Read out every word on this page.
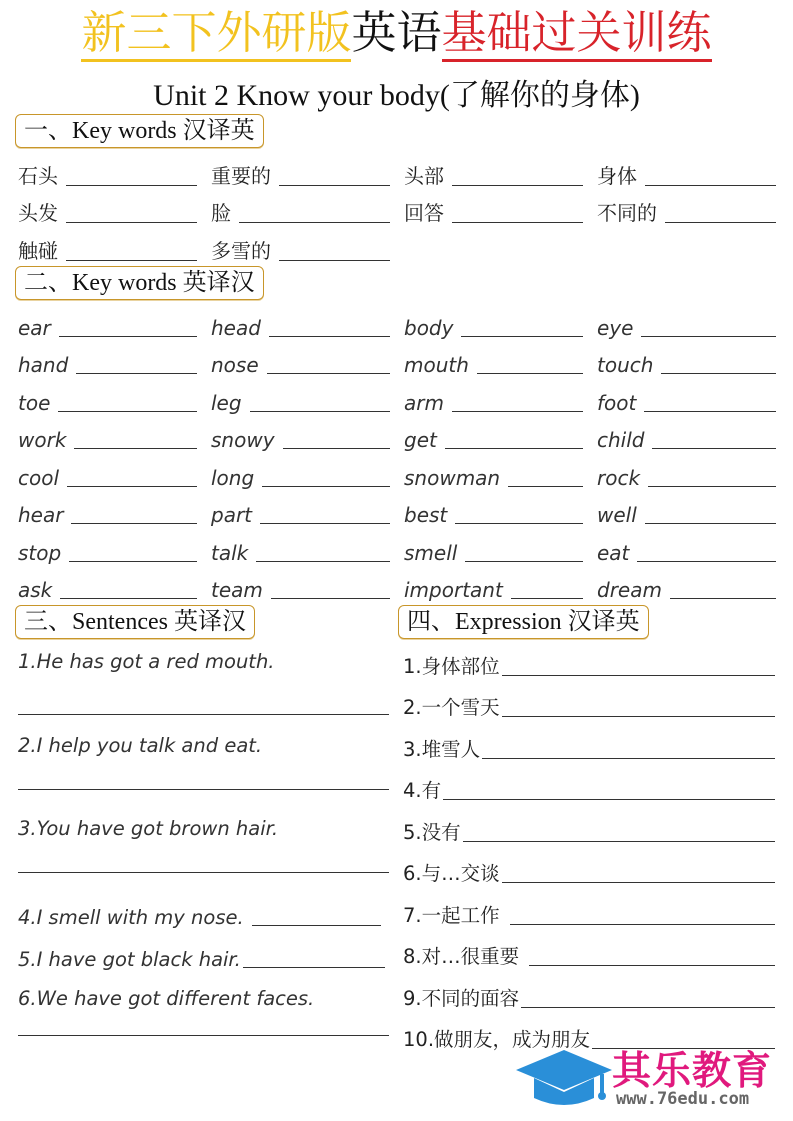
新三下外研版英语基础过关训练
Unit 2 Know your body(了解你的身体)
一、Key words 汉译英
石头	重要的	头部	身体
头发	脸	回答	不同的
触碰	多雪的
二、Key words 英译汉
ear	head	body	eye
hand	nose	mouth	touch
toe	leg	arm	foot
work	snowy	get	child
cool	long	snowman	rock
hear	part	best	well
stop	talk	smell	eat
ask	team	important	dream
三、Sentences 英译汉
1.He has got a red mouth.
2.I help you talk and eat.
3.You have got brown hair.
4.I smell with my nose.
5.I have got black hair.
6.We have got different faces.
四、Expression 汉译英
1.身体部位
2.一个雪天
3.堆雪人
4.有
5.没有
6.与…交谈
7.一起工作
8.对…很重要
9.不同的面容
10.做朋友，成为朋友
其乐教育
www.76edu.com
